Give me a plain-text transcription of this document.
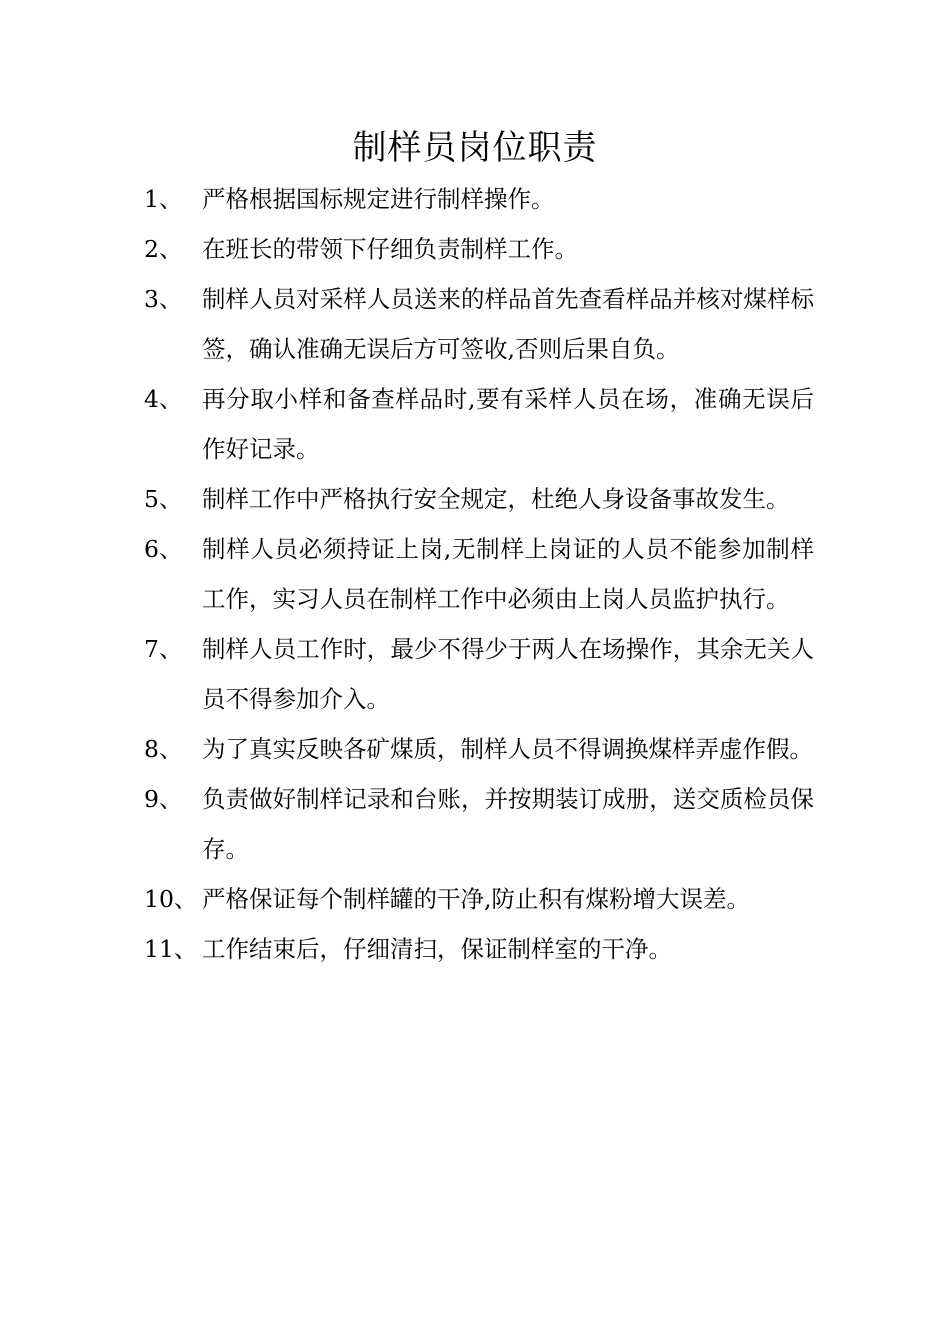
制样员岗位职责
1、 严格根据国标规定进行制样操作。
2、 在班长的带领下仔细负责制样工作。
3、 制样人员对采样人员送来的样品首先查看样品并核对煤样标签，确认准确无误后方可签收,否则后果自负。
4、 再分取小样和备查样品时,要有采样人员在场，准确无误后作好记录。
5、 制样工作中严格执行安全规定，杜绝人身设备事故发生。
6、 制样人员必须持证上岗,无制样上岗证的人员不能参加制样工作，实习人员在制样工作中必须由上岗人员监护执行。
7、 制样人员工作时，最少不得少于两人在场操作，其余无关人员不得参加介入。
8、 为了真实反映各矿煤质，制样人员不得调换煤样弄虚作假。
9、 负责做好制样记录和台账，并按期装订成册，送交质检员保存。
10、 严格保证每个制样罐的干净,防止积有煤粉增大误差。
11、 工作结束后，仔细清扫，保证制样室的干净。
